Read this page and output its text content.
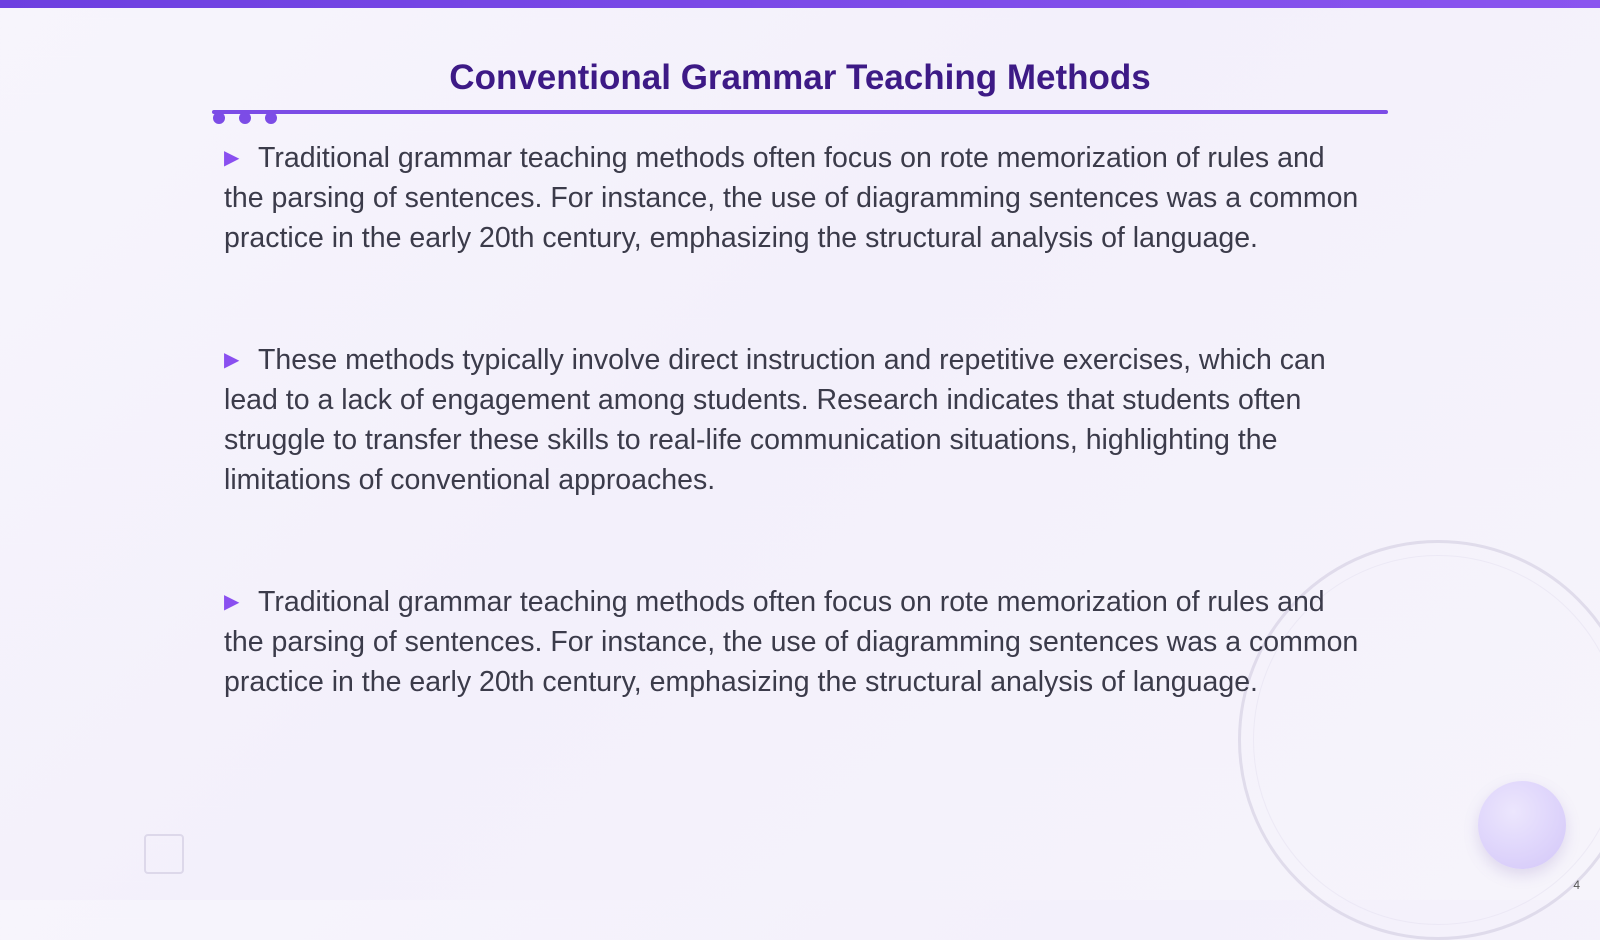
Conventional Grammar Teaching Methods

▶ Traditional grammar teaching methods often focus on rote memorization of rules and the parsing of sentences. For instance, the use of diagramming sentences was a common practice in the early 20th century, emphasizing the structural analysis of language.

▶ These methods typically involve direct instruction and repetitive exercises, which can lead to a lack of engagement among students. Research indicates that students often struggle to transfer these skills to real-life communication situations, highlighting the limitations of conventional approaches.

▶ Traditional grammar teaching methods often focus on rote memorization of rules and the parsing of sentences. For instance, the use of diagramming sentences was a common practice in the early 20th century, emphasizing the structural analysis of language.

4
